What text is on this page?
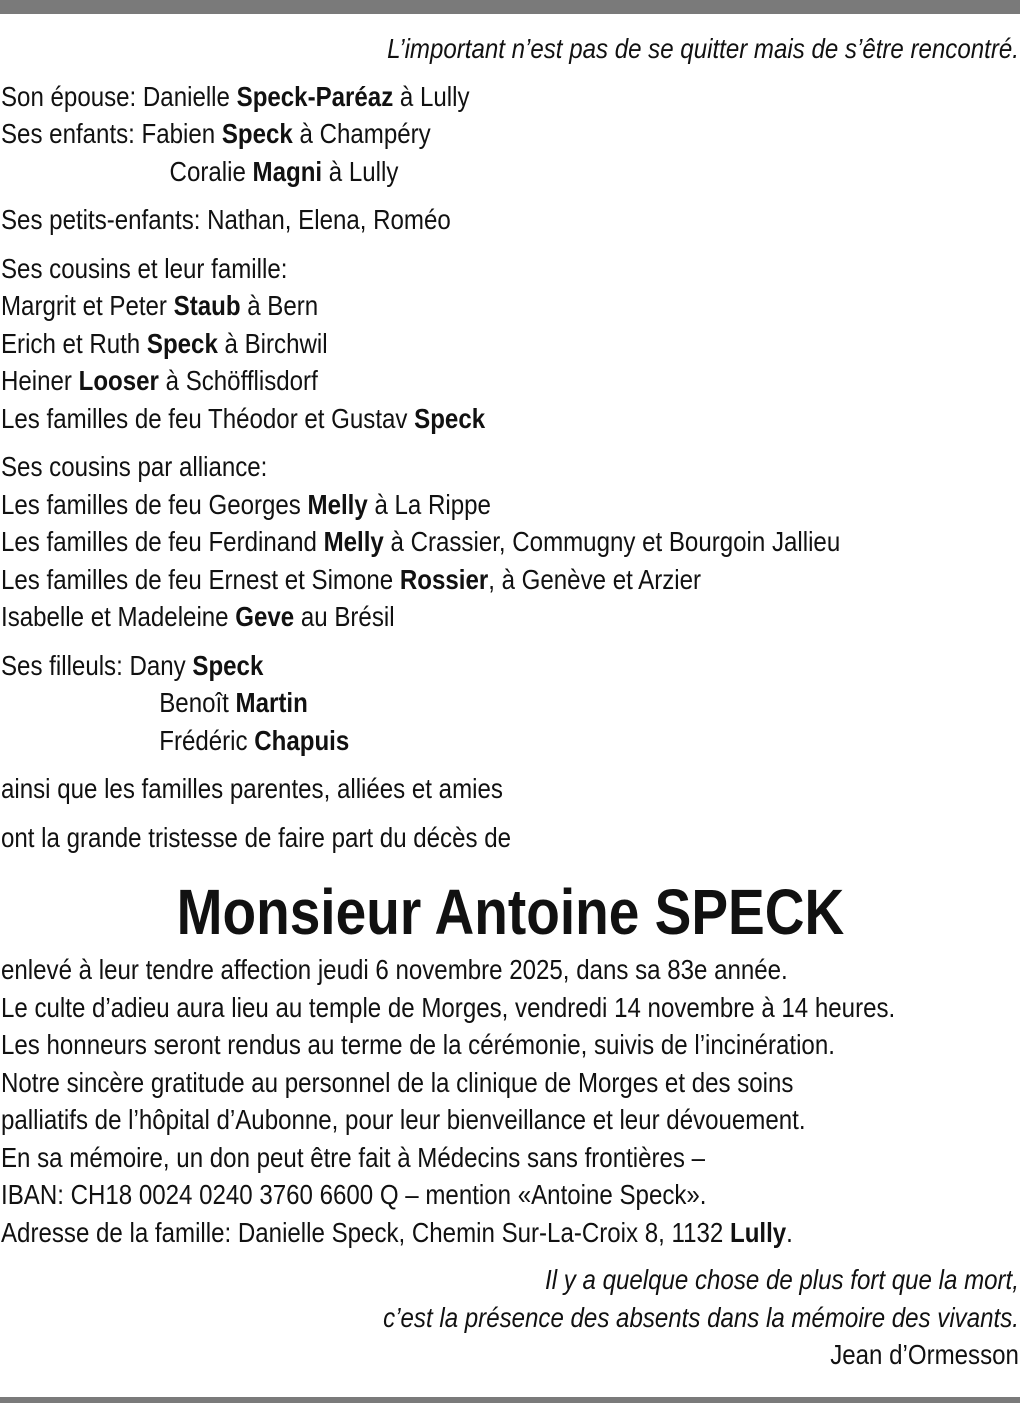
L’important n’est pas de se quitter mais de s’être rencontré.
Son épouse: Danielle Speck-Paréaz à Lully
Ses enfants: Fabien Speck à Champéry
Coralie Magni à Lully
Ses petits-enfants: Nathan, Elena, Roméo
Ses cousins et leur famille:
Margrit et Peter Staub à Bern
Erich et Ruth Speck à Birchwil
Heiner Looser à Schöfflisdorf
Les familles de feu Théodor et Gustav Speck
Ses cousins par alliance:
Les familles de feu Georges Melly à La Rippe
Les familles de feu Ferdinand Melly à Crassier, Commugny et Bourgoin Jallieu
Les familles de feu Ernest et Simone Rossier, à Genève et Arzier
Isabelle et Madeleine Geve au Brésil
Ses filleuls: Dany Speck
Benoît Martin
Frédéric Chapuis
ainsi que les familles parentes, alliées et amies
ont la grande tristesse de faire part du décès de
Monsieur Antoine SPECK
enlevé à leur tendre affection jeudi 6 novembre 2025, dans sa 83e année.
Le culte d’adieu aura lieu au temple de Morges, vendredi 14 novembre à 14 heures.
Les honneurs seront rendus au terme de la cérémonie, suivis de l’incinération.
Notre sincère gratitude au personnel de la clinique de Morges et des soins
palliatifs de l’hôpital d’Aubonne, pour leur bienveillance et leur dévouement.
En sa mémoire, un don peut être fait à Médecins sans frontières –
IBAN: CH18 0024 0240 3760 6600 Q – mention «Antoine Speck».
Adresse de la famille: Danielle Speck, Chemin Sur-La-Croix 8, 1132 Lully.
Il y a quelque chose de plus fort que la mort,
c’est la présence des absents dans la mémoire des vivants.
Jean d’Ormesson
